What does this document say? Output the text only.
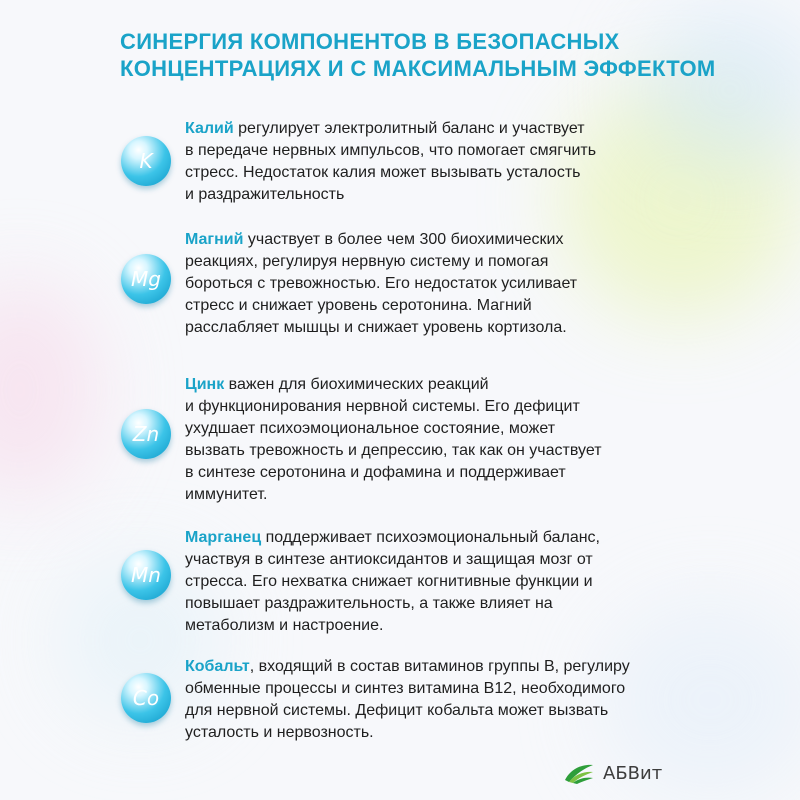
СИНЕРГИЯ КОМПОНЕНТОВ В БЕЗОПАСНЫХ
КОНЦЕНТРАЦИЯХ И С МАКСИМАЛЬНЫМ ЭФФЕКТОМ
K
Калий регулирует электролитный баланс и участвует
в передаче нервных импульсов, что помогает смягчить
стресс. Недостаток калия может вызывать усталость
и раздражительность
Mg
Магний участвует в более чем 300 биохимических
реакциях, регулируя нервную систему и помогая
бороться с тревожностью. Его недостаток усиливает
стресс и снижает уровень серотонина. Магний
расслабляет мышцы и снижает уровень кортизола.
Zn
Цинк важен для биохимических реакций
и функционирования нервной системы. Его дефицит
ухудшает психоэмоциональное состояние, может
вызвать тревожность и депрессию, так как он участвует
в синтезе серотонина и дофамина и поддерживает
иммунитет.
Mn
Марганец поддерживает психоэмоциональный баланс,
участвуя в синтезе антиоксидантов и защищая мозг от
стресса. Его нехватка снижает когнитивные функции и
повышает раздражительность, а также влияет на
метаболизм и настроение.
Co
Кобальт, входящий в состав витаминов группы В, регулиру
обменные процессы и синтез витамина В12, необходимого
для нервной системы. Дефицит кобальта может вызвать
усталость и нервозность.
АБВит
